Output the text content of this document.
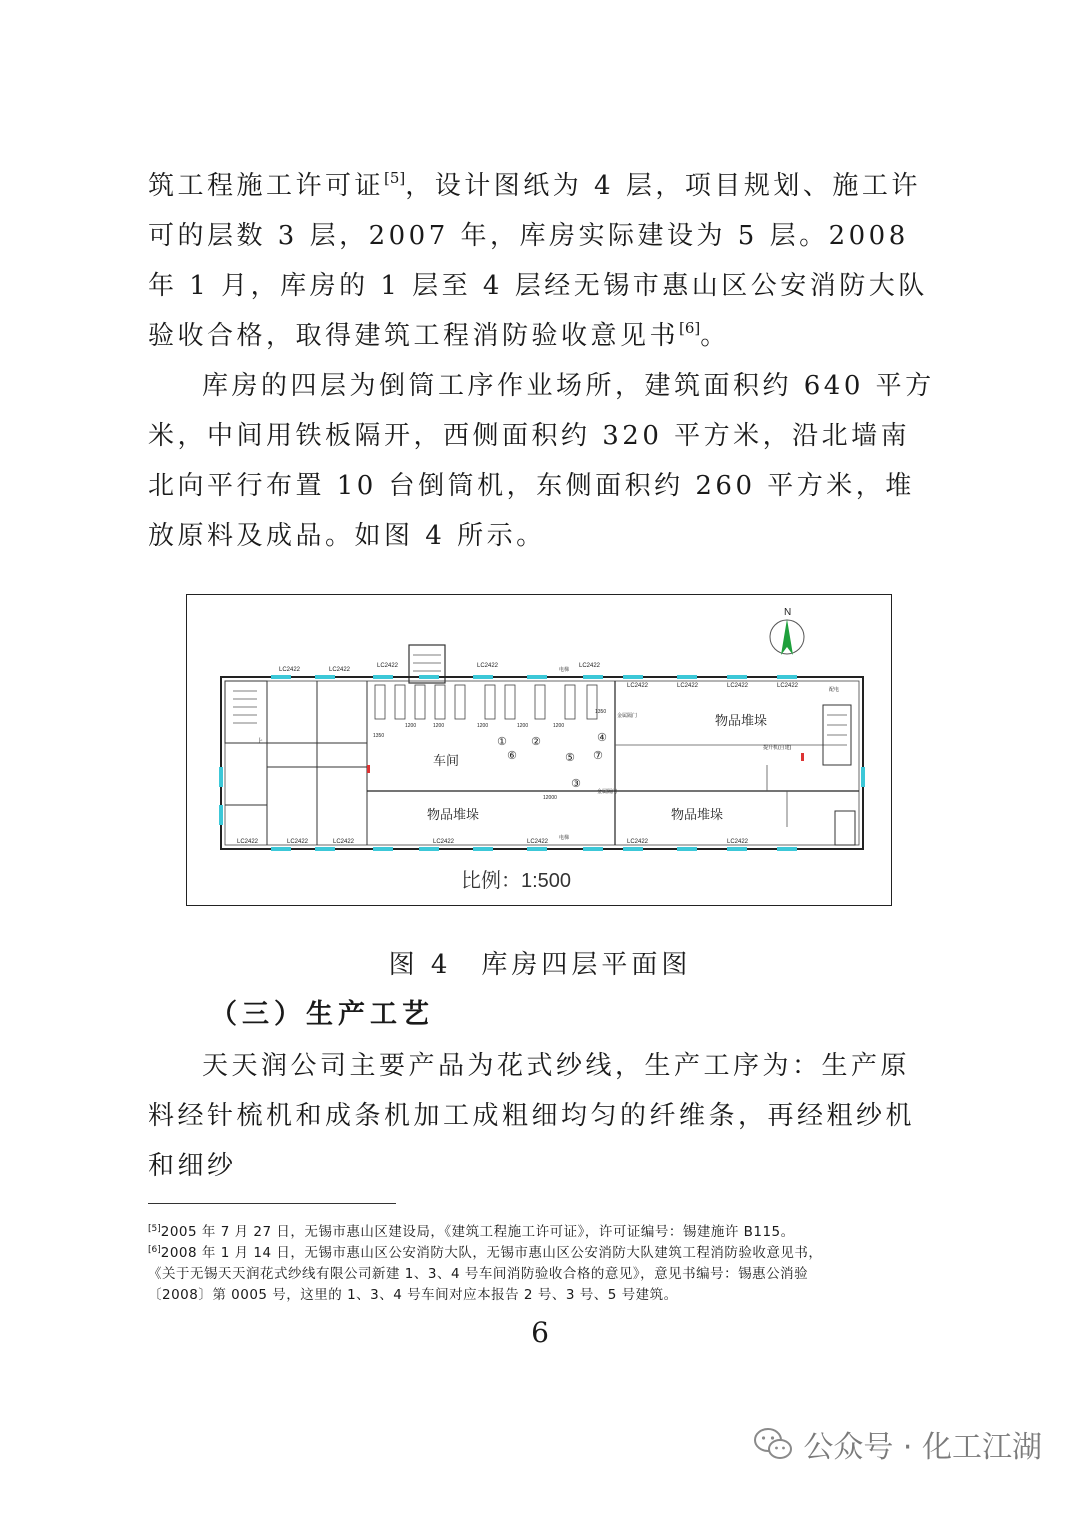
筑工程施工许可证[5]，设计图纸为 4 层，项目规划、施工许可的层数 3 层，2007 年，库房实际建设为 5 层。2008 年 1 月，库房的 1 层至 4 层经无锡市惠山区公安消防大队验收合格，取得建筑工程消防验收意见书[6]。

库房的四层为倒筒工序作业场所，建筑面积约 640 平方米，中间用铁板隔开，西侧面积约 320 平方米，沿北墙南北向平行布置 10 台倒筒机，东侧面积约 260 平方米，堆放原料及成品。如图 4 所示。

N
LC2422	LC2422
LC2422	LC2422	LC2422
LC2422	LC2422	LC2422	LC2422
LC2422	LC2422	LC2422	LC2422	LC2422	LC2422	LC2422
上
1200	1200	1200	1200	1200
1350
1350
12000
金属隔门
金属隔门
电梯
电梯
提升机(自建)
配电
① ②
③
④
⑤
⑥	⑦
车间
物品堆垛
物品堆垛	物品堆垛
比例：1:500
图 4　库房四层平面图
（三）生产工艺

天天润公司主要产品为花式纱线，生产工序为：生产原料经针梳机和成条机加工成粗细均匀的纤维条，再经粗纱机和细纱

[5]2005 年 7 月 27 日，无锡市惠山区建设局，《建筑工程施工许可证》，许可证编号：锡建施许 B115。

[6]2008 年 1 月 14 日，无锡市惠山区公安消防大队，无锡市惠山区公安消防大队建筑工程消防验收意见书，

《关于无锡天天润花式纱线有限公司新建 1、3、4 号车间消防验收合格的意见》，意见书编号：锡惠公消验

〔2008〕第 0005 号，这里的 1、3、4 号车间对应本报告 2 号、3 号、5 号建筑。

6
公众号 · 化工江湖
